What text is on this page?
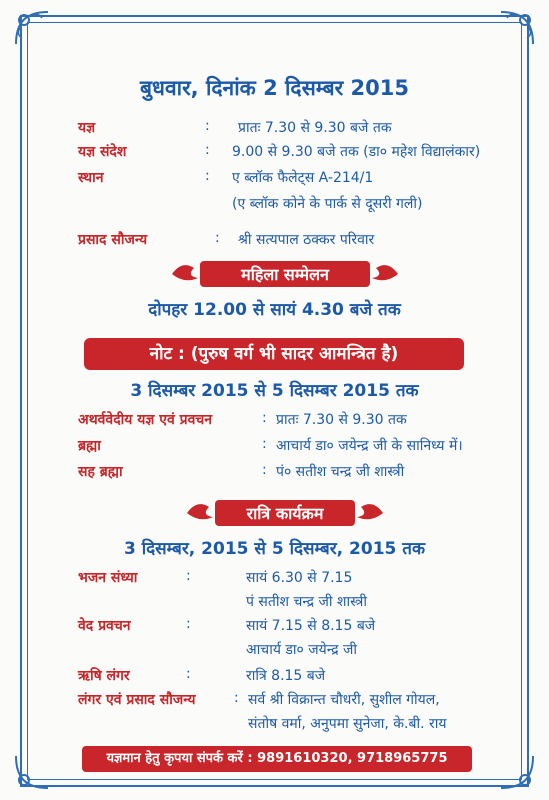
बुधवार, दिनांक 2 दिसम्बर 2015
यज्ञ	: प्रातः 7.30 से 9.30 बजे तक
यज्ञ संदेश	: 9.00 से 9.30 बजे तक (डा० महेश विद्यालंकार)
स्थान	: ए ब्लॉक फैलेट्स A-214/1
(ए ब्लॉक कोने के पार्क से दूसरी गली)
प्रसाद सौजन्य	: श्री सत्यपाल ठक्कर परिवार
महिला सम्मेलन
दोपहर 12.00 से सायं 4.30 बजे तक
नोट : (पुरुष वर्ग भी सादर आमन्त्रित है)
3 दिसम्बर 2015 से 5 दिसम्बर 2015 तक
अथर्ववेदीय यज्ञ एवं प्रवचन	: प्रातः 7.30 से 9.30 तक
ब्रह्मा	: आचार्य डा० जयेन्द्र जी के सानिध्य में।
सह ब्रह्मा	: पं० सतीश चन्द्र जी शास्त्री
रात्रि कार्यक्रम
3 दिसम्बर, 2015 से 5 दिसम्बर, 2015 तक
भजन संध्या	:	सायं 6.30 से 7.15
पं सतीश चन्द्र जी शास्त्री
वेद प्रवचन	:	सायं 7.15 से 8.15 बजे
आचार्य डा० जयेन्द्र जी
ऋषि लंगर	:	रात्रि 8.15 बजे
लंगर एवं प्रसाद सौजन्य	: सर्व श्री विक्रान्त चौधरी, सुशील गोयल,
संतोष वर्मा, अनुपमा सुनेजा, के.बी. राय
यज्ञमान हेतु कृपया संपर्क करें : 9891610320, 9718965775
